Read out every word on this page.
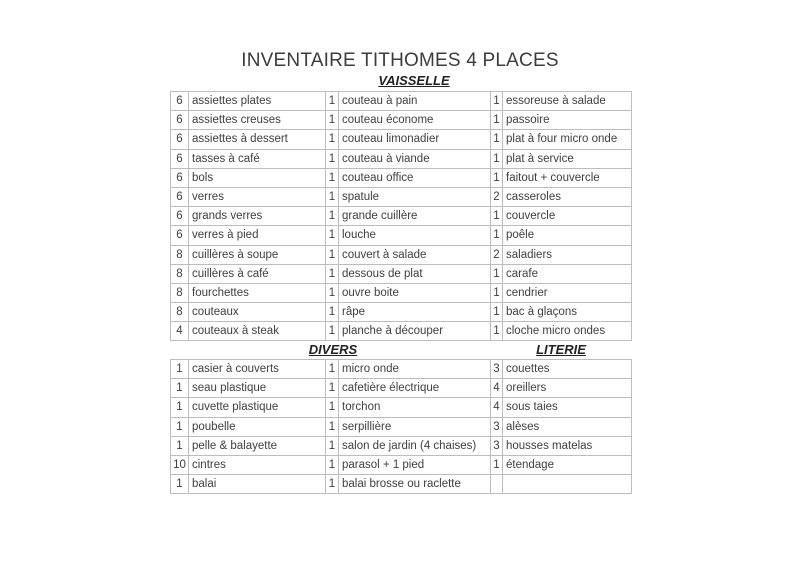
INVENTAIRE TITHOMES 4 PLACES
VAISSELLE
6	assiettes plates	1	couteau à pain	1	essoreuse à salade
6	assiettes creuses	1	couteau économe	1	passoire
6	assiettes à dessert	1	couteau limonadier	1	plat à four micro onde
6	tasses à café	1	couteau à viande	1	plat à service
6	bols	1	couteau office	1	faitout + couvercle
6	verres	1	spatule	2	casseroles
6	grands verres	1	grande cuillère	1	couvercle
6	verres à pied	1	louche	1	poêle
8	cuillères à soupe	1	couvert à salade	2	saladiers
8	cuillères à café	1	dessous de plat	1	carafe
8	fourchettes	1	ouvre boite	1	cendrier
8	couteaux	1	râpe	1	bac à glaçons
4	couteaux à steak	1	planche à découper	1	cloche micro ondes
DIVERS	LITERIE
1	casier à couverts	1	micro onde	3	couettes
1	seau plastique	1	cafetière électrique	4	oreillers
1	cuvette plastique	1	torchon	4	sous taies
1	poubelle	1	serpillière	3	alèses
1	pelle & balayette	1	salon de jardin (4 chaises)	3	housses matelas
10	cintres	1	parasol + 1 pied	1	étendage
1	balai	1	balai brosse ou raclette		
